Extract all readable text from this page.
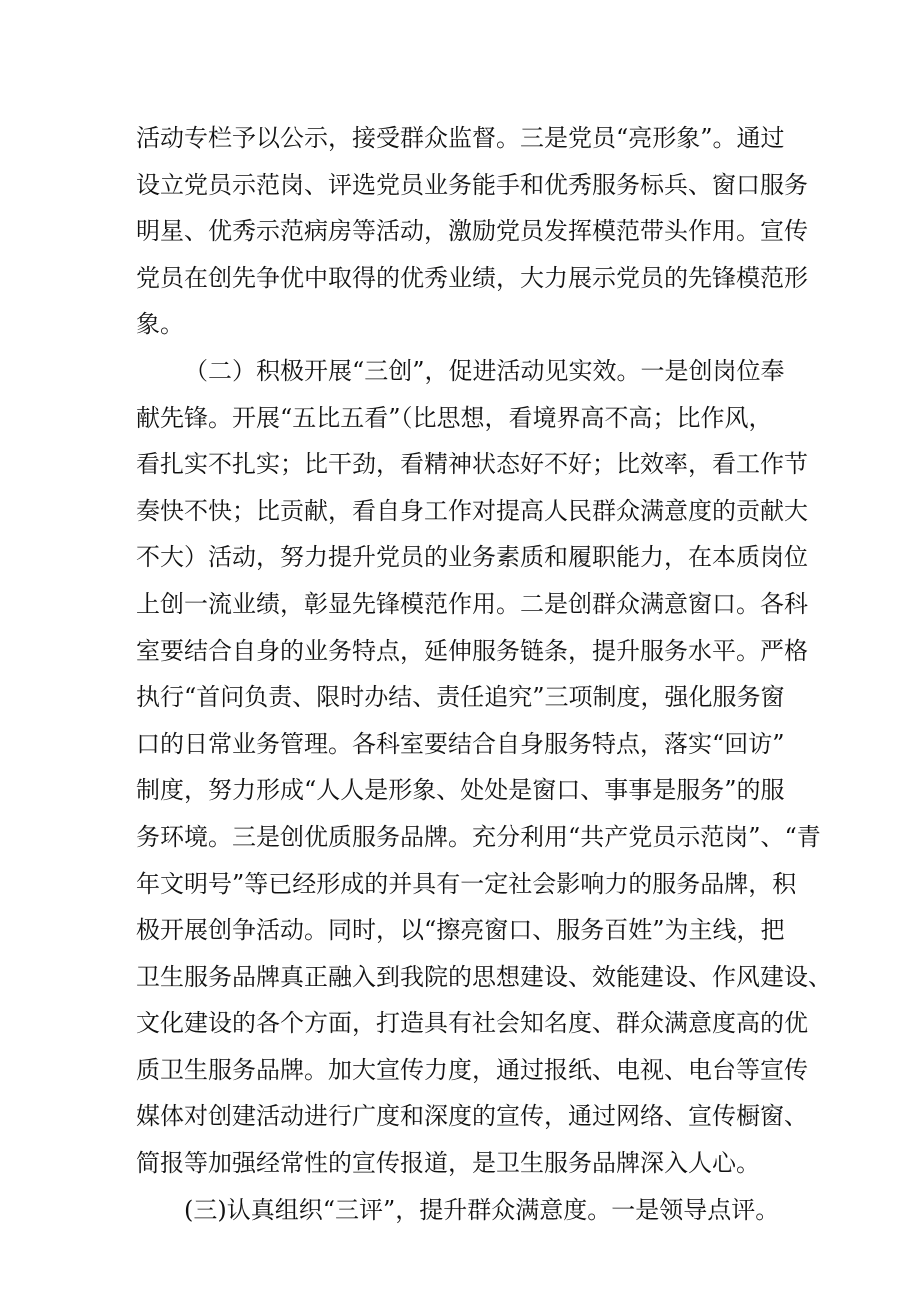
活动专栏予以公示，接受群众监督。三是党员“亮形象”。通过
设立党员示范岗、评选党员业务能手和优秀服务标兵、窗口服务
明星、优秀示范病房等活动，激励党员发挥模范带头作用。宣传
党员在创先争优中取得的优秀业绩，大力展示党员的先锋模范形
象。
（二）积极开展“三创”，促进活动见实效。一是创岗位奉
献先锋。开展“五比五看”（比思想，看境界高不高；比作风，
看扎实不扎实；比干劲，看精神状态好不好；比效率，看工作节
奏快不快；比贡献，看自身工作对提高人民群众满意度的贡献大
不大）活动，努力提升党员的业务素质和履职能力，在本质岗位
上创一流业绩，彰显先锋模范作用。二是创群众满意窗口。各科
室要结合自身的业务特点，延伸服务链条，提升服务水平。严格
执行“首问负责、限时办结、责任追究”三项制度，强化服务窗
口的日常业务管理。各科室要结合自身服务特点，落实“回访”
制度，努力形成“人人是形象、处处是窗口、事事是服务”的服
务环境。三是创优质服务品牌。充分利用“共产党员示范岗”、“青
年文明号”等已经形成的并具有一定社会影响力的服务品牌，积
极开展创争活动。同时，以“擦亮窗口、服务百姓”为主线，把
卫生服务品牌真正融入到我院的思想建设、效能建设、作风建设、
文化建设的各个方面，打造具有社会知名度、群众满意度高的优
质卫生服务品牌。加大宣传力度，通过报纸、电视、电台等宣传
媒体对创建活动进行广度和深度的宣传，通过网络、宣传橱窗、
简报等加强经常性的宣传报道，是卫生服务品牌深入人心。
(三)认真组织“三评”，提升群众满意度。一是领导点评。
